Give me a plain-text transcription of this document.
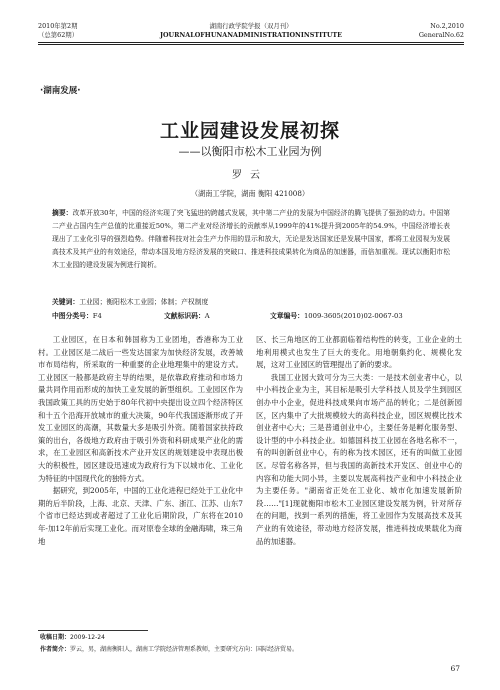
2010年第2期
（总第62期）
湖南行政学院学报（双月刊）
JOURNALOFHUNANADMINISTRATIONINSTITUTE
No.2,2010
GeneralNo.62
·湖南发展·
工业园建设发展初探
——以衡阳市松木工业园为例
罗云
（湖南工学院，湖南 衡阳 421008）
摘要：改革开放30年，中国的经济实现了突飞猛进的跨越式发展，其中第二产业的发展为中国经济的腾飞提供了强劲的动力。中国第二产业占国内生产总值的比重接近50%，第二产业对经济增长的贡献率从1999年的41%提升到2005年的54.9%，中国经济增长表现出了工业化引导的强烈趋势。伴随着科技对社会生产力作用的显示和放大，无论是发达国家还是发展中国家，都将工业园视为发展高技术及其产业的有效途径，带动本国及地方经济发展的突破口、推进科技成果转化为商品的加速器，而倍加重视。现试以衡阳市松木工业园的建设发展为例进行简析。
关键词：工业园；衡阳松木工业园；体制；产权制度
中图分类号：F4	文献标识码：A	文章编号：1009-3605(2010)02-0067-03

工业园区，在日本和韩国称为工业团地，香港称为工业村。工业园区是二战后一些发达国家为加快经济发展，改善城市布局结构，所采取的一种重要的企业地理集中的建设方式。工业园区一般都是政府主导的结果，是依靠政府推动和市场力量共同作用而形成的加快工业发展的新型组织。工业园区作为我国政策工具的历史始于80年代初中央提出设立四个经济特区和十五个沿海开放城市的重大决策，90年代我国逐渐形成了开发工业园区的高潮，其数量大多是吸引外资。随着国家扶持政策的出台，各级地方政府由于吸引外资和科研成果产业化的需求，在工业园区和高新技术产业开发区的规划建设中表现出极大的积极性，园区建设迅速成为政府行为下以城市化、工业化为特征的中国现代化的独特方式。

据研究，到2005年，中国的工业化进程已经处于工业化中期的后半阶段，上海、北京、天津、广东、浙江、江苏、山东7个省市已经达到或者超过了工业化后期阶段，广东将在2010年-加12年前后实现工业化。而对原卷全球的金融海啸，珠三角地

区、长三角地区的工业都面临着结构性的转变，工业企业的土地利用模式也发生了巨大的变化。用地朝集约化、规模化发展，这对工业园区的管理提出了新的要求。

我国工业园大致可分为三大类：一是技术创业者中心，以中小科技企业为主，其目标是吸引大学科技人员及学生到园区创办中小企业，促进科技成果向市场产品的转化；二是创新园区，区内集中了大批规模较大的高科技企业，园区规模比技术创业者中心大；三是普通创业中心，主要任务是孵化服务型、设计型的中小科技企业。如德国科技工业园在各地名称不一，有的叫创新创业中心，有的称为技术园区，还有的叫做工业园区。尽管名称各异，但与我国的高新技术开发区、创业中心的内容和功能大同小异，主要以发展高科技产业和中小科技企业为主要任务。"湖南省正处在工业化、城市化加速发展新阶段……"[1]现就衡阳市松木工业园区建设发展为例，针对所存在的问题，找到一系列的措施，将工业园作为发展高技术及其产业的有效途径，带动地方经济发展，推进科技成果载化为商品的加速器。

收稿日期：2009-12-24
作者简介：罗云，男，湖南衡阳人，湖南工学院经济管理系教师，主要研究方向：国际经济贸易。
67
